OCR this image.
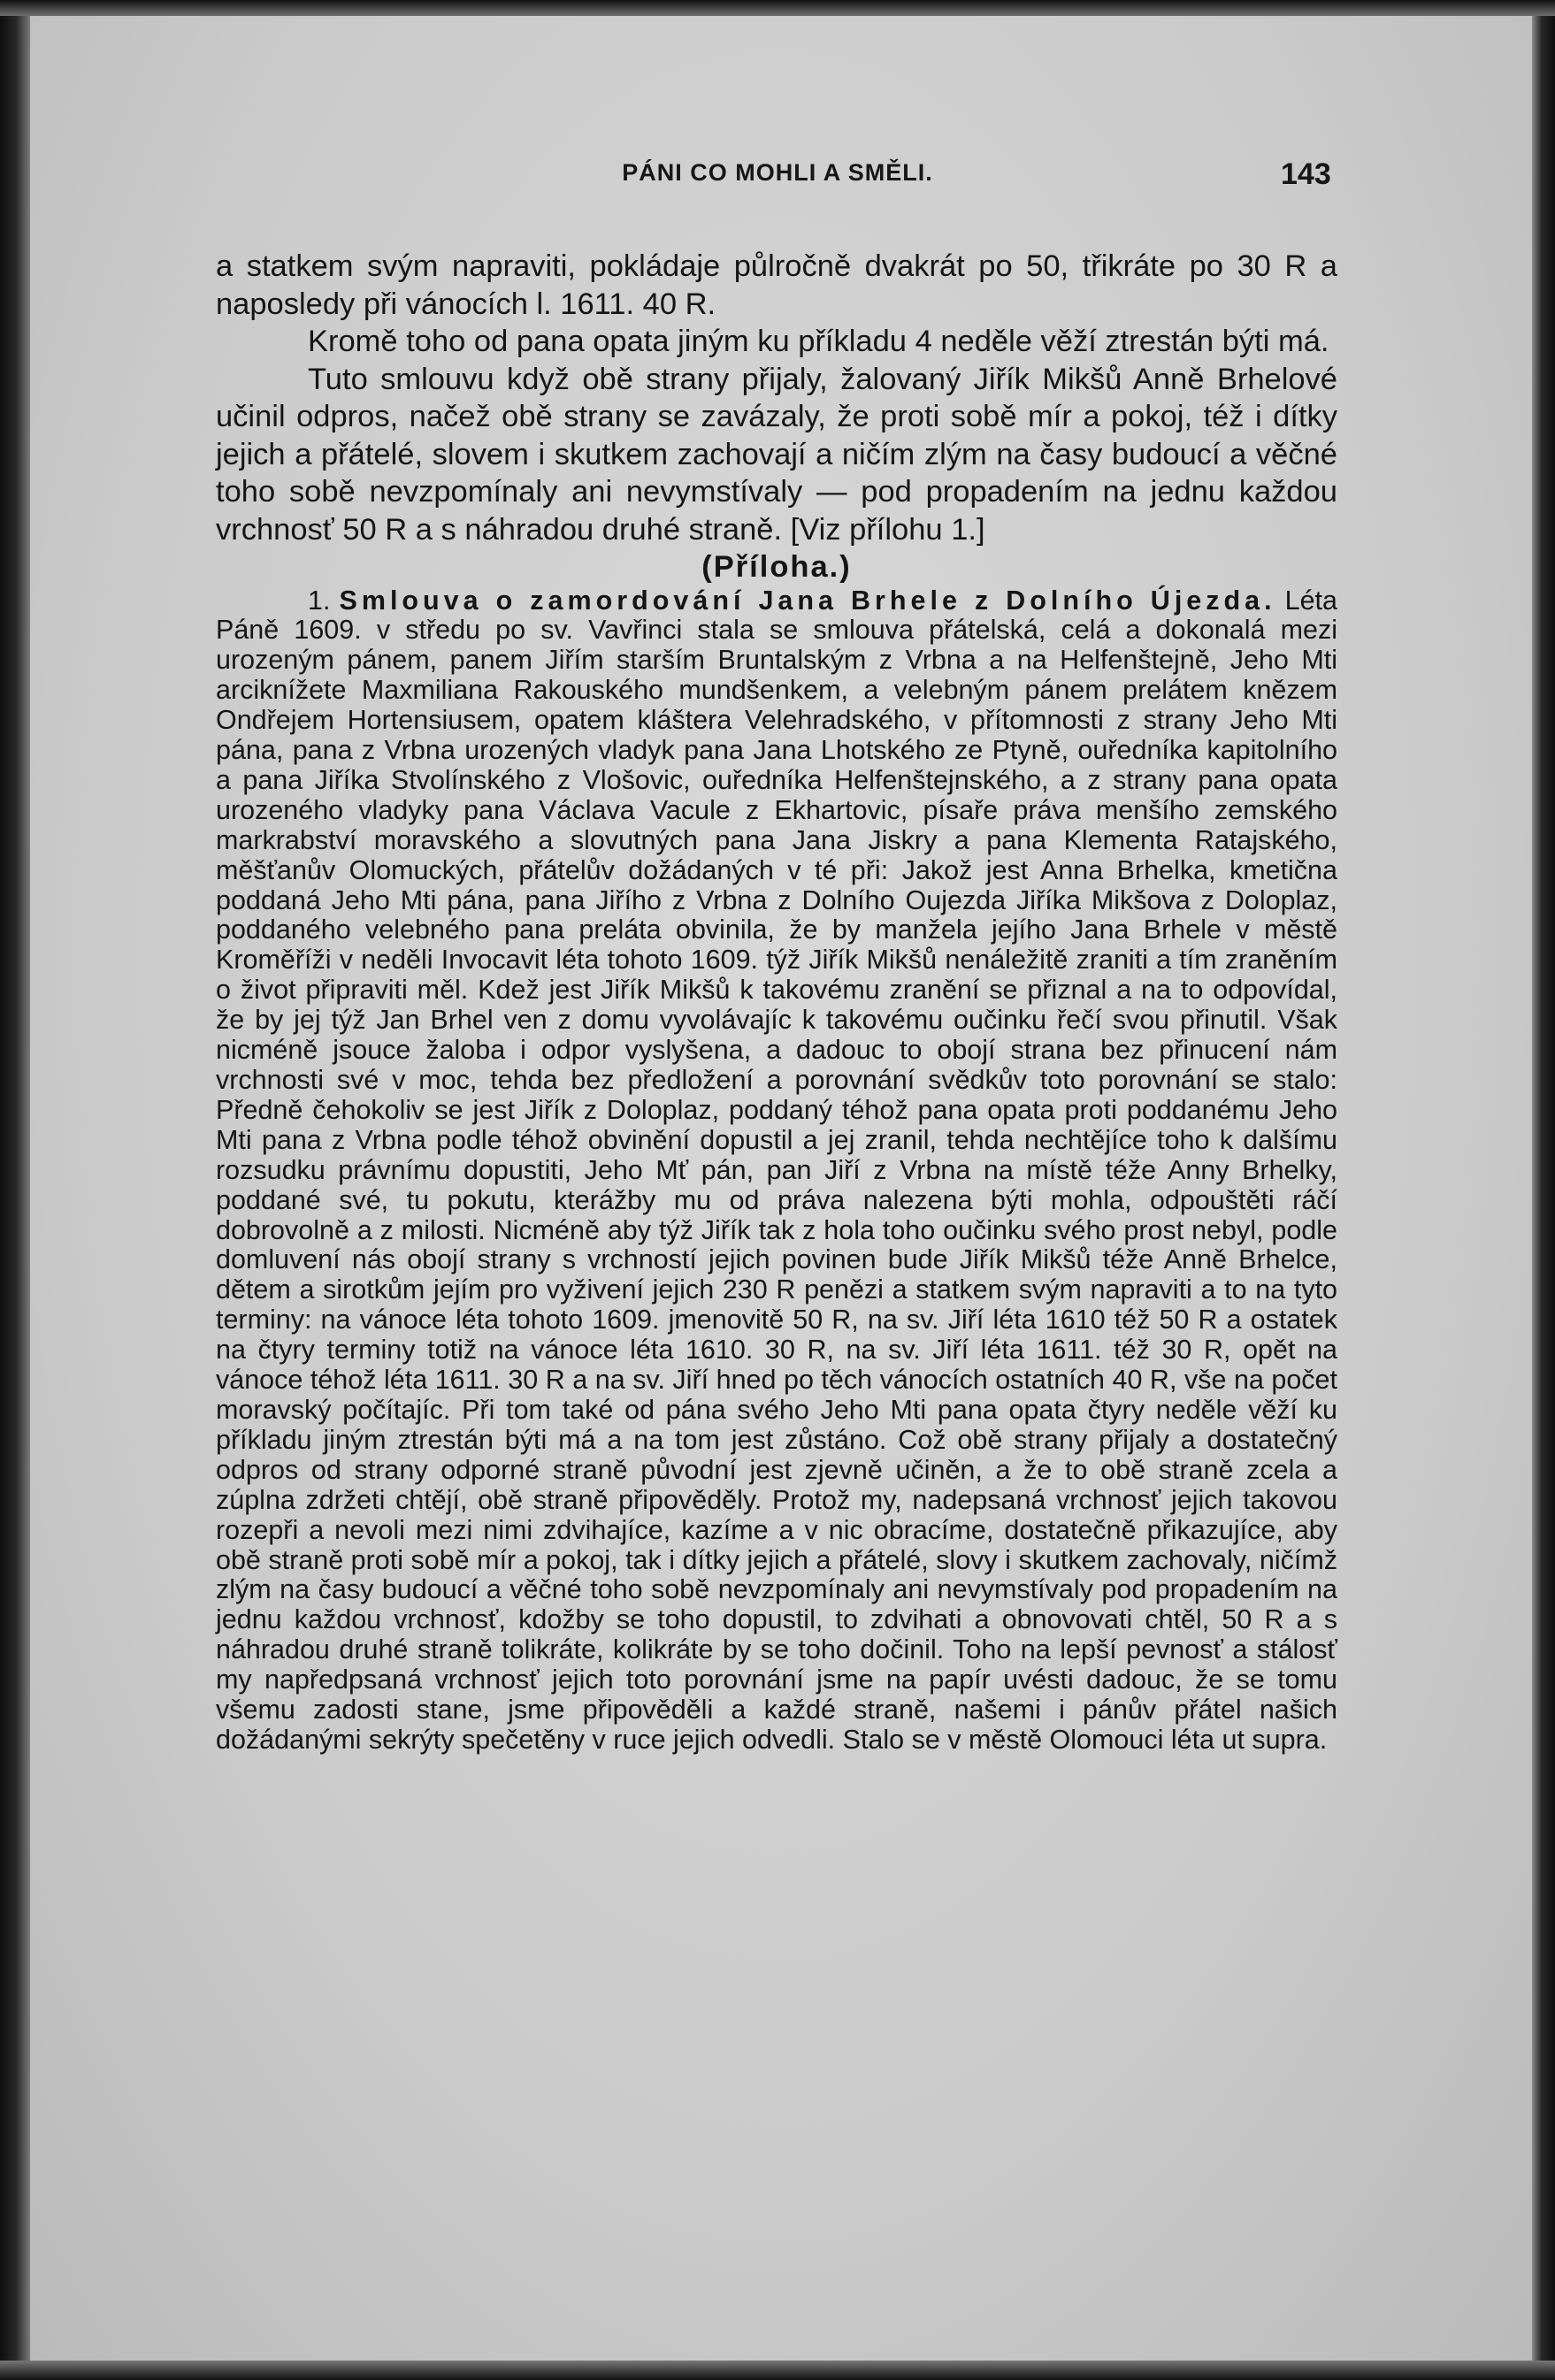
PÁNI CO MOHLI A SMĚLI.	143

a statkem svým napraviti, pokládaje půlročně dvakrát po 50, třikráte po 30 R a naposledy při vánocích l. 1611. 40 R.

Kromě toho od pana opata jiným ku příkladu 4 neděle věží ztrestán býti má.

Tuto smlouvu když obě strany přijaly, žalovaný Jiřík Mikšů Anně Brhelové učinil odpros, načež obě strany se zavázaly, že proti sobě mír a pokoj, též i dítky jejich a přátelé, slovem i skutkem zachovají a ničím zlým na časy budoucí a věčné toho sobě nevzpomínaly ani nevymstívaly — pod propadením na jednu každou vrchnosť 50 R a s náhradou druhé straně. [Viz přílohu 1.]

(Příloha.)

1. Smlouva o zamordování Jana Brhele z Dolního Újezda. Léta Páně 1609. v středu po sv. Vavřinci stala se smlouva přátelská, celá a dokonalá mezi urozeným pánem, panem Jiřím starším Bruntalským z Vrbna a na Helfenštejně, Jeho Mti arciknížete Maxmiliana Rakouského mundšenkem, a velebným pánem prelátem knězem Ondřejem Hortensiusem, opatem kláštera Velehradského, v přítomnosti z strany Jeho Mti pána, pana z Vrbna urozených vladyk pana Jana Lhotského ze Ptyně, ouředníka kapitolního a pana Jiříka Stvolínského z Vlošovic, ouředníka Helfenštejnského, a z strany pana opata urozeného vladyky pana Václava Vacule z Ekhartovic, písaře práva menšího zemského markrabství moravského a slovutných pana Jana Jiskry a pana Klementa Ratajského, měšťanův Olomuckých, přátelův dožádaných v té při: Jakož jest Anna Brhelka, kmetična poddaná Jeho Mti pána, pana Jiřího z Vrbna z Dolního Oujezda Jiříka Mikšova z Doloplaz, poddaného velebného pana preláta obvinila, že by manžela jejího Jana Brhele v městě Kroměříži v neděli Invocavit léta tohoto 1609. týž Jiřík Mikšů nenáležitě zraniti a tím zraněním o život připraviti měl. Kdež jest Jiřík Mikšů k takovému zranění se přiznal a na to odpovídal, že by jej týž Jan Brhel ven z domu vyvolávajíc k takovému oučinku řečí svou přinutil. Však nicméně jsouce žaloba i odpor vyslyšena, a dadouc to obojí strana bez přinucení nám vrchnosti své v moc, tehda bez předložení a porovnání svědkův toto porovnání se stalo: Předně čehokoliv se jest Jiřík z Doloplaz, poddaný téhož pana opata proti poddanému Jeho Mti pana z Vrbna podle téhož obvinění dopustil a jej zranil, tehda nechtějíce toho k dalšímu rozsudku právnímu dopustiti, Jeho Mť pán, pan Jiří z Vrbna na místě téže Anny Brhelky, poddané své, tu pokutu, kterážby mu od práva nalezena býti mohla, odpouštěti ráčí dobrovolně a z milosti. Nicméně aby týž Jiřík tak z hola toho oučinku svého prost nebyl, podle domluvení nás obojí strany s vrchností jejich povinen bude Jiřík Mikšů téže Anně Brhelce, dětem a sirotkům jejím pro vyživení jejich 230 R penězi a statkem svým napraviti a to na tyto terminy: na vánoce léta tohoto 1609. jmenovitě 50 R, na sv. Jiří léta 1610 též 50 R a ostatek na čtyry terminy totiž na vánoce léta 1610. 30 R, na sv. Jiří léta 1611. též 30 R, opět na vánoce téhož léta 1611. 30 R a na sv. Jiří hned po těch vánocích ostatních 40 R, vše na počet moravský počítajíc. Při tom také od pána svého Jeho Mti pana opata čtyry neděle věží ku příkladu jiným ztrestán býti má a na tom jest zůstáno. Což obě strany přijaly a dostatečný odpros od strany odporné straně původní jest zjevně učiněn, a že to obě straně zcela a zúplna zdržeti chtějí, obě straně připověděly. Protož my, nadepsaná vrchnosť jejich takovou rozepři a nevoli mezi nimi zdvihajíce, kazíme a v nic obracíme, dostatečně přikazujíce, aby obě straně proti sobě mír a pokoj, tak i dítky jejich a přátelé, slovy i skutkem zachovaly, ničímž zlým na časy budoucí a věčné toho sobě nevzpomínaly ani nevymstívaly pod propadením na jednu každou vrchnosť, kdožby se toho dopustil, to zdvihati a obnovovati chtěl, 50 R a s náhradou druhé straně tolikráte, kolikráte by se toho dočinil. Toho na lepší pevnosť a stálosť my napředpsaná vrchnosť jejich toto porovnání jsme na papír uvésti dadouc, že se tomu všemu zadosti stane, jsme připověděli a každé straně, našemi i pánův přátel našich dožádanými sekrýty spečetěny v ruce jejich odvedli. Stalo se v městě Olomouci léta ut supra.
